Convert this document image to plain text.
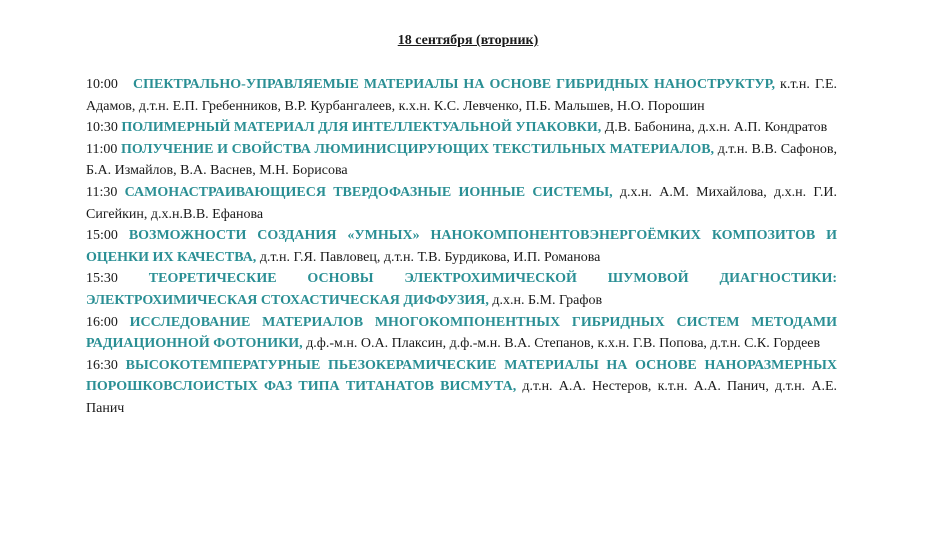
18 сентября (вторник)

10:00 СПЕКТРАЛЬНО-УПРАВЛЯЕМЫЕ МАТЕРИАЛЫ НА ОСНОВЕ ГИБРИДНЫХ НАНОСТРУКТУР, к.т.н. Г.Е. Адамов, д.т.н. Е.П. Гребенников, В.Р. Курбангалеев, к.х.н. К.С. Левченко, П.Б. Мальшев, Н.О. Порошин

10:30 ПОЛИМЕРНЫЙ МАТЕРИАЛ ДЛЯ ИНТЕЛЛЕКТУАЛЬНОЙ УПАКОВКИ, Д.В. Бабонина, д.х.н. А.П. Кондратов

11:00 ПОЛУЧЕНИЕ И СВОЙСТВА ЛЮМИНИСЦИРУЮЩИХ ТЕКСТИЛЬНЫХ МАТЕРИАЛОВ, д.т.н. В.В. Сафонов, Б.А. Измайлов, В.А. Васнев, М.Н. Борисова

11:30 САМОНАСТРАИВАЮЩИЕСЯ ТВЕРДОФАЗНЫЕ ИОННЫЕ СИСТЕМЫ, д.х.н. А.М. Михайлова, д.х.н. Г.И. Сигейкин, д.х.н.В.В. Ефанова

15:00 ВОЗМОЖНОСТИ СОЗДАНИЯ «УМНЫХ» НАНОКОМПОНЕНТОВЭНЕРГОЁМКИХ КОМПОЗИТОВ И ОЦЕНКИ ИХ КАЧЕСТВА, д.т.н. Г.Я. Павловец, д.т.н. Т.В. Бурдикова, И.П. Романова

15:30 ТЕОРЕТИЧЕСКИЕ ОСНОВЫ ЭЛЕКТРОХИМИЧЕСКОЙ ШУМОВОЙ ДИАГНОСТИКИ: ЭЛЕКТРОХИМИЧЕСКАЯ СТОХАСТИЧЕСКАЯ ДИФФУЗИЯ, д.х.н. Б.М. Графов

16:00 ИССЛЕДОВАНИЕ МАТЕРИАЛОВ МНОГОКОМПОНЕНТНЫХ ГИБРИДНЫХ СИСТЕМ МЕТОДАМИ РАДИАЦИОННОЙ ФОТОНИКИ, д.ф.-м.н. О.А. Плаксин, д.ф.-м.н. В.А. Степанов, к.х.н. Г.В. Попова, д.т.н. С.К. Гордеев

16:30 ВЫСОКОТЕМПЕРАТУРНЫЕ ПЬЕЗОКЕРАМИЧЕСКИЕ МАТЕРИАЛЫ НА ОСНОВЕ НАНОРАЗМЕРНЫХ ПОРОШКОВСЛОИСТЫХ ФАЗ ТИПА ТИТАНАТОВ ВИСМУТА, д.т.н. А.А. Нестеров, к.т.н. А.А. Панич, д.т.н. А.Е. Панич
